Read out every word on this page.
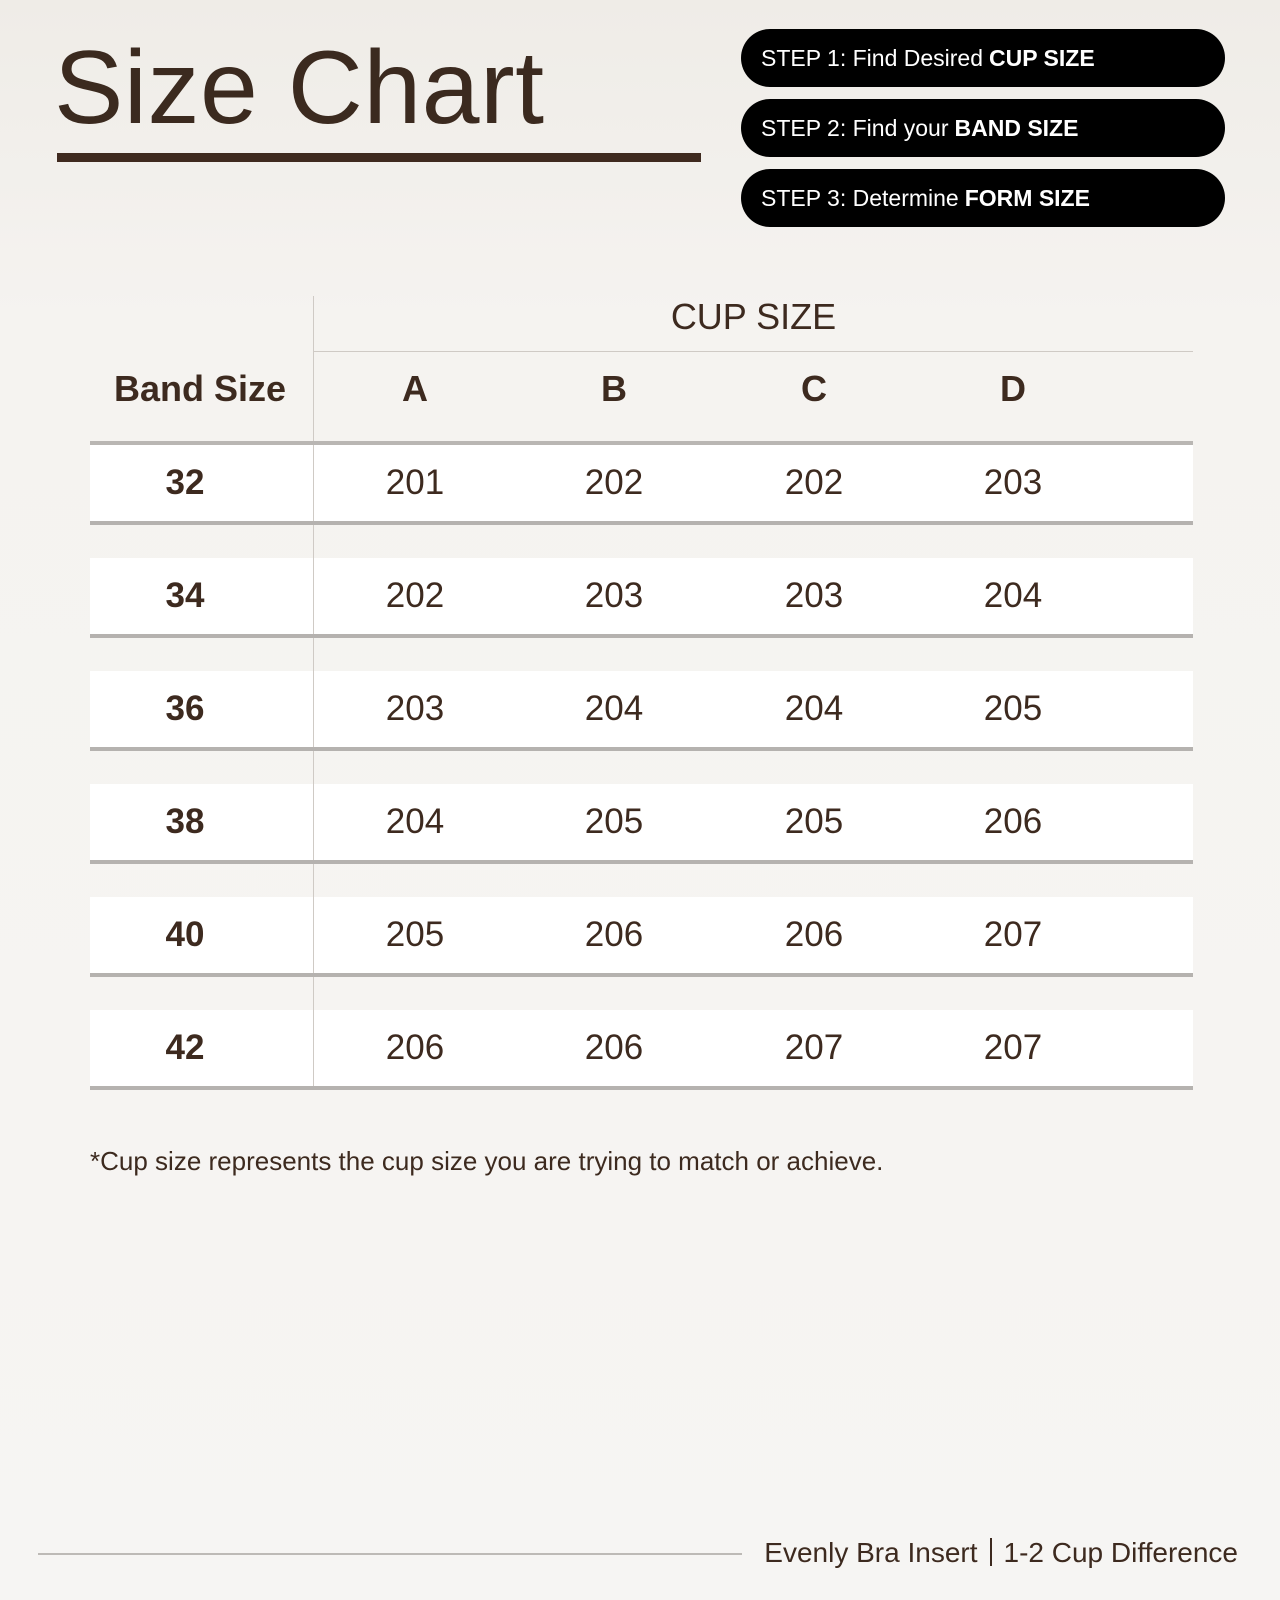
Size Chart	STEP 1: Find Desired CUP SIZE
STEP 2: Find your BAND SIZE
STEP 3: Determine FORM SIZE
CUP SIZE
Band Size	A	B	C	D
32	201	202	202	203
34	202	203	203	204
36	203	204	204	205
38	204	205	205	206
40	205	206	206	207
42	206	206	207	207
*Cup size represents the cup size you are trying to match or achieve.
Evenly Bra Insert 1-2 Cup Difference
